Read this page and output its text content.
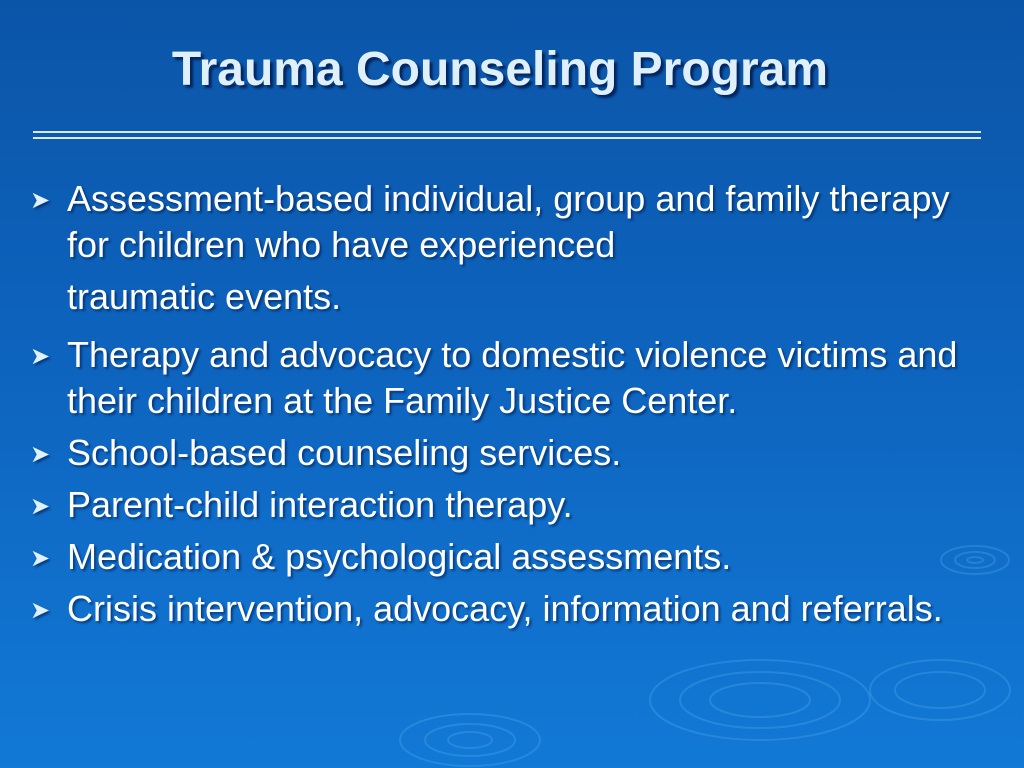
Trauma Counseling Program
➤ Assessment-based individual, group and family therapy for children who have experienced
traumatic events.
➤ Therapy and advocacy to domestic violence victims and their children at the Family Justice Center.
➤ School-based counseling services.
➤ Parent-child interaction therapy.
➤ Medication & psychological assessments.
➤ Crisis intervention, advocacy, information and referrals.
